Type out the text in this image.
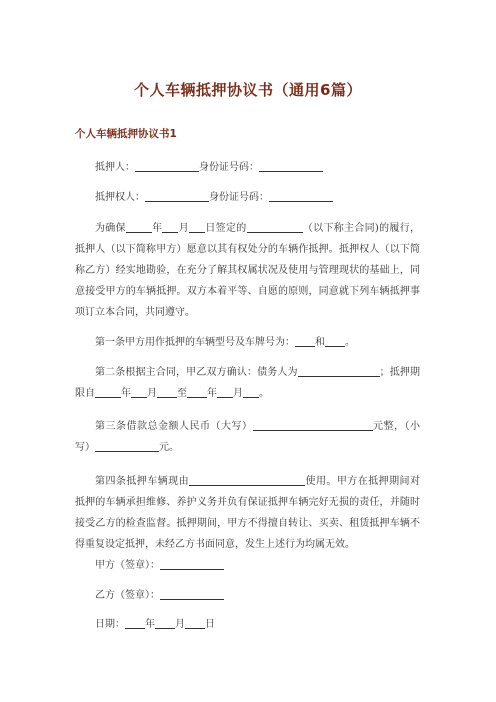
个人车辆抵押协议书（通用6篇）
个人车辆抵押协议书1
抵押人：	身份证号码：
抵押权人：	身份证号码：
为确保	年 月 日签定的	（以下称主合同)的履行，抵押人（以下简称甲方）愿意以其有权处分的车辆作抵押。抵押权人（以下简称乙方）经实地勘验，在充分了解其权属状况及使用与管理现状的基础上，同意接受甲方的车辆抵押。双方本着平等、自愿的原则，同意就下列车辆抵押事项订立本合同，共同遵守。
第一条甲方用作抵押的车辆型号及车牌号为： 和 。
第二条根据主合同，甲乙双方确认：债务人为	；抵押期限自	年 月 至 年 月 。
第三条借款总金额人民币（大写）	元整，（小写）	元。
第四条抵押车辆现由	使用。甲方在抵押期间对抵押的车辆承担维修、养护义务并负有保证抵押车辆完好无损的责任，并随时接受乙方的检查监督。抵押期间，甲方不得擅自转让、买卖、租赁抵押车辆不得重复设定抵押，未经乙方书面同意，发生上述行为均属无效。
甲方（签章）：
乙方（签章）：
日期： 年 月 日
